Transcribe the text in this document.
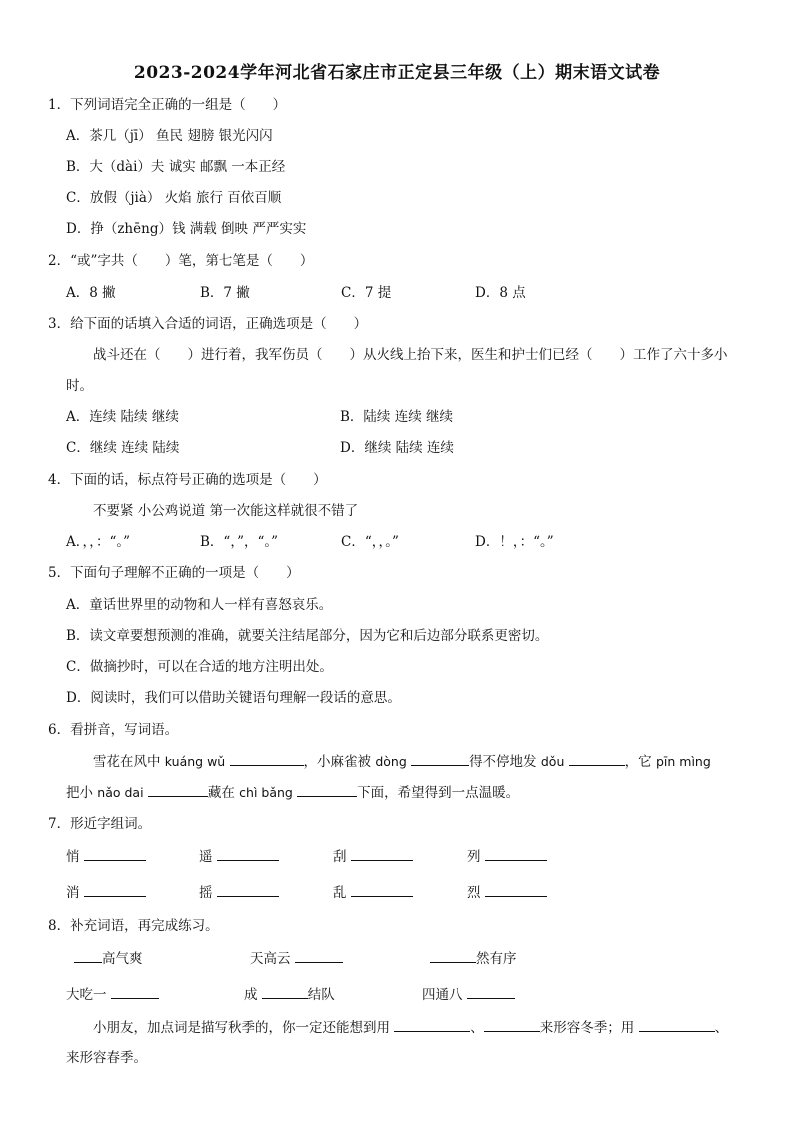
2023-2024学年河北省石家庄市正定县三年级（上）期末语文试卷
1．下列词语完全正确的一组是（　　）
A．茶几（jī） 鱼民 翅膀 银光闪闪
B．大（dài）夫 诚实 邮飘 一本正经
C．放假（jià） 火焰 旅行 百依百顺
D．挣（zhēng）钱 满载 倒映 严严实实
2．“或”字共（　　）笔，第七笔是（　　）
A．8 撇	B．7 撇	C．7 提	D．8 点
3．给下面的话填入合适的词语，正确选项是（　　）
战斗还在（　　）进行着，我军伤员（　　）从火线上抬下来，医生和护士们已经（　　）工作了六十多小
时。
A．连续 陆续 继续	B．陆续 连续 继续
C．继续 连续 陆续	D．继续 陆续 连续
4．下面的话，标点符号正确的选项是（　　）
不要紧 小公鸡说道 第一次能这样就很不错了
A．，，：“。”	B．“，”，“。”	C．“，，。”	D．！，：“。”
5．下面句子理解不正确的一项是（　　）
A．童话世界里的动物和人一样有喜怒哀乐。
B．读文章要想预测的准确，就要关注结尾部分，因为它和后边部分联系更密切。
C．做摘抄时，可以在合适的地方注明出处。
D．阅读时，我们可以借助关键语句理解一段话的意思。
6．看拼音，写词语。
雪花在风中 kuáng wǔ	，小麻雀被 dòng	得不停地发 dǒu	，它 pīn mìng
把小 nǎo dai	藏在 chì bǎng	下面，希望得到一点温暖。
7．形近字组词。
悄	遥	刮	列
消	摇	乱	烈
8．补充词语，再完成练习。
高气爽	天高云	然有序
大吃一	成	结队	四通八
小朋友，加点词是描写秋季的，你一定还能想到用	、	来形容冬季；用	、
来形容春季。
